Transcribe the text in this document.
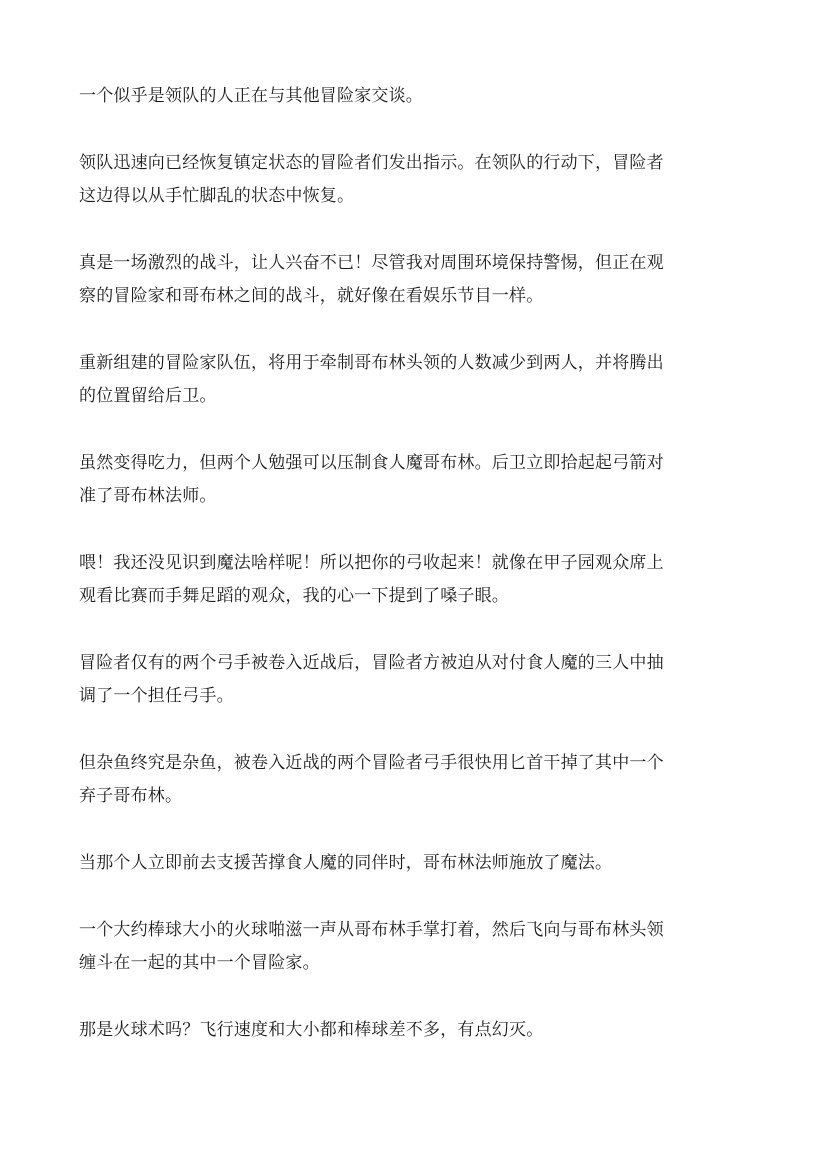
一个似乎是领队的人正在与其他冒险家交谈。

领队迅速向已经恢复镇定状态的冒险者们发出指示。在领队的行动下，冒险者
这边得以从手忙脚乱的状态中恢复。

真是一场激烈的战斗，让人兴奋不已！尽管我对周围环境保持警惕，但正在观
察的冒险家和哥布林之间的战斗，就好像在看娱乐节目一样。

重新组建的冒险家队伍，将用于牵制哥布林头领的人数减少到两人，并将腾出
的位置留给后卫。

虽然变得吃力，但两个人勉强可以压制食人魔哥布林。后卫立即拾起起弓箭对
准了哥布林法师。

喂！我还没见识到魔法啥样呢！所以把你的弓收起来！就像在甲子园观众席上
观看比赛而手舞足蹈的观众，我的心一下提到了嗓子眼。

冒险者仅有的两个弓手被卷入近战后，冒险者方被迫从对付食人魔的三人中抽
调了一个担任弓手。

但杂鱼终究是杂鱼，被卷入近战的两个冒险者弓手很快用匕首干掉了其中一个
弃子哥布林。

当那个人立即前去支援苦撑食人魔的同伴时，哥布林法师施放了魔法。

一个大约棒球大小的火球啪滋一声从哥布林手掌打着，然后飞向与哥布林头领
缠斗在一起的其中一个冒险家。

那是火球术吗？飞行速度和大小都和棒球差不多，有点幻灭。
